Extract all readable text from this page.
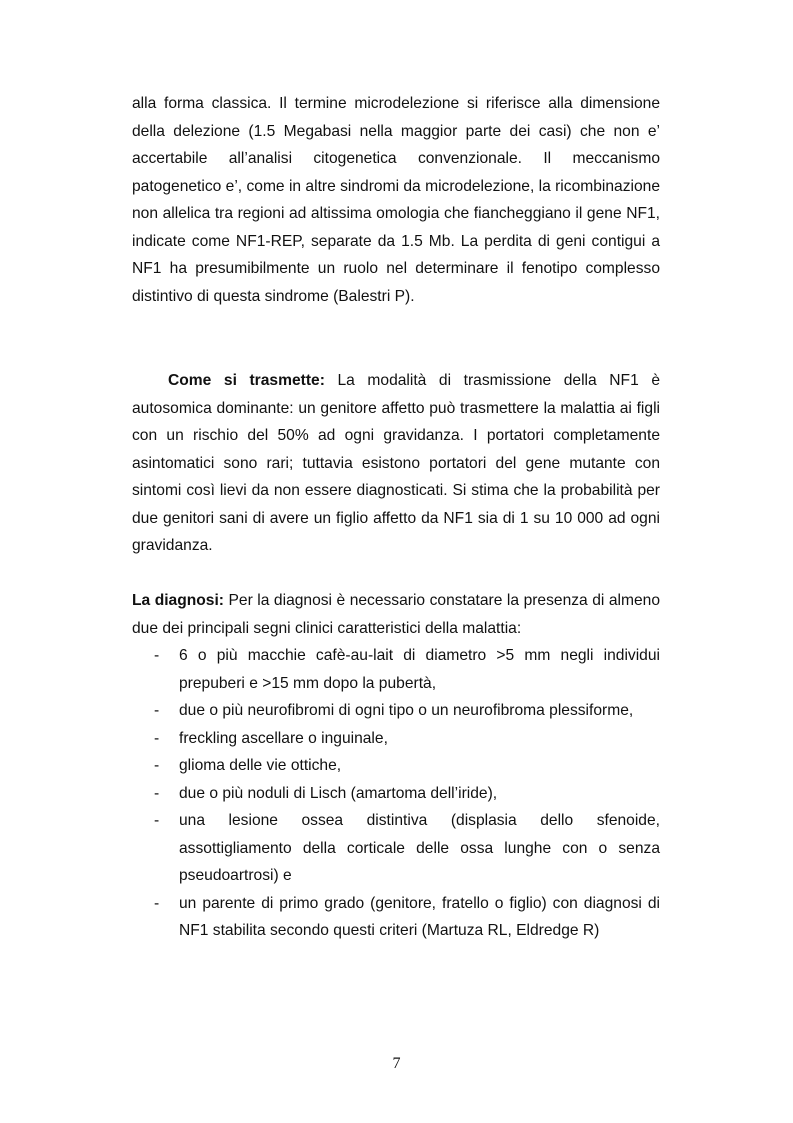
alla forma classica. Il termine microdelezione si riferisce alla dimensione della delezione (1.5 Megabasi nella maggior parte dei casi) che non e’ accertabile all’analisi citogenetica convenzionale. Il meccanismo patogenetico e’, come in altre sindromi da microdelezione, la ricombinazione non allelica tra regioni ad altissima omologia che fiancheggiano il gene NF1, indicate come NF1-REP, separate da 1.5 Mb. La perdita di geni contigui a NF1 ha presumibilmente un ruolo nel determinare il fenotipo complesso distintivo di questa sindrome (Balestri P).

Come si trasmette: La modalità di trasmissione della NF1 è autosomica dominante: un genitore affetto può trasmettere la malattia ai figli con un rischio del 50% ad ogni gravidanza. I portatori completamente asintomatici sono rari; tuttavia esistono portatori del gene mutante con sintomi così lievi da non essere diagnosticati. Si stima che la probabilità per due genitori sani di avere un figlio affetto da NF1 sia di 1 su 10 000 ad ogni gravidanza.

La diagnosi: Per la diagnosi è necessario constatare la presenza di almeno due dei principali segni clinici caratteristici della malattia:

- 6 o più macchie cafè-au-lait di diametro >5 mm negli individui prepuberi e >15 mm dopo la pubertà,
- due o più neurofibromi di ogni tipo o un neurofibroma plessiforme,
- freckling ascellare o inguinale,
- glioma delle vie ottiche,
- due o più noduli di Lisch (amartoma dell’iride),
- una lesione ossea distintiva (displasia dello sfenoide, assottigliamento della corticale delle ossa lunghe con o senza pseudoartrosi) e
- un parente di primo grado (genitore, fratello o figlio) con diagnosi di NF1 stabilita secondo questi criteri (Martuza RL, Eldredge R)
7
